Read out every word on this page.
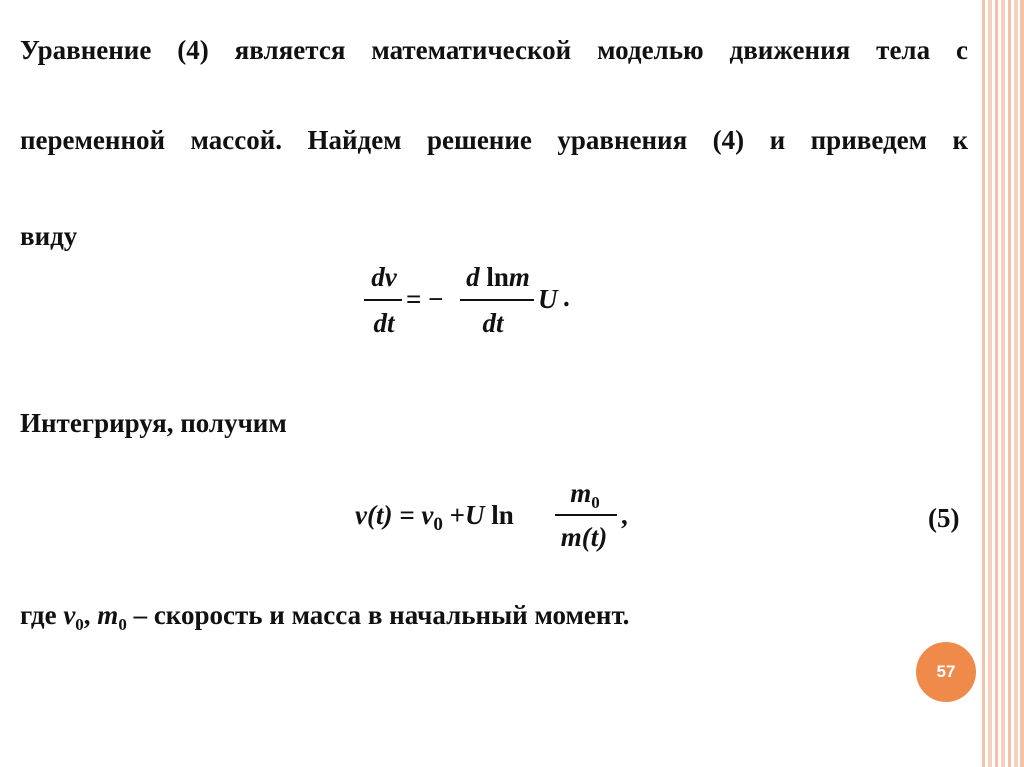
Уравнение (4) является математической моделью движения тела с
переменной массой. Найдем решение уравнения (4) и приведем к
виду
dv
dt
= −
d lnm
dt
U .
Интегрируя, получим
$v(t) = v_0 +U$ ln
$m_0$
m(t)
,	(5)
где $v_0$, $m_0$ – скорость и масса в начальный момент.
57
